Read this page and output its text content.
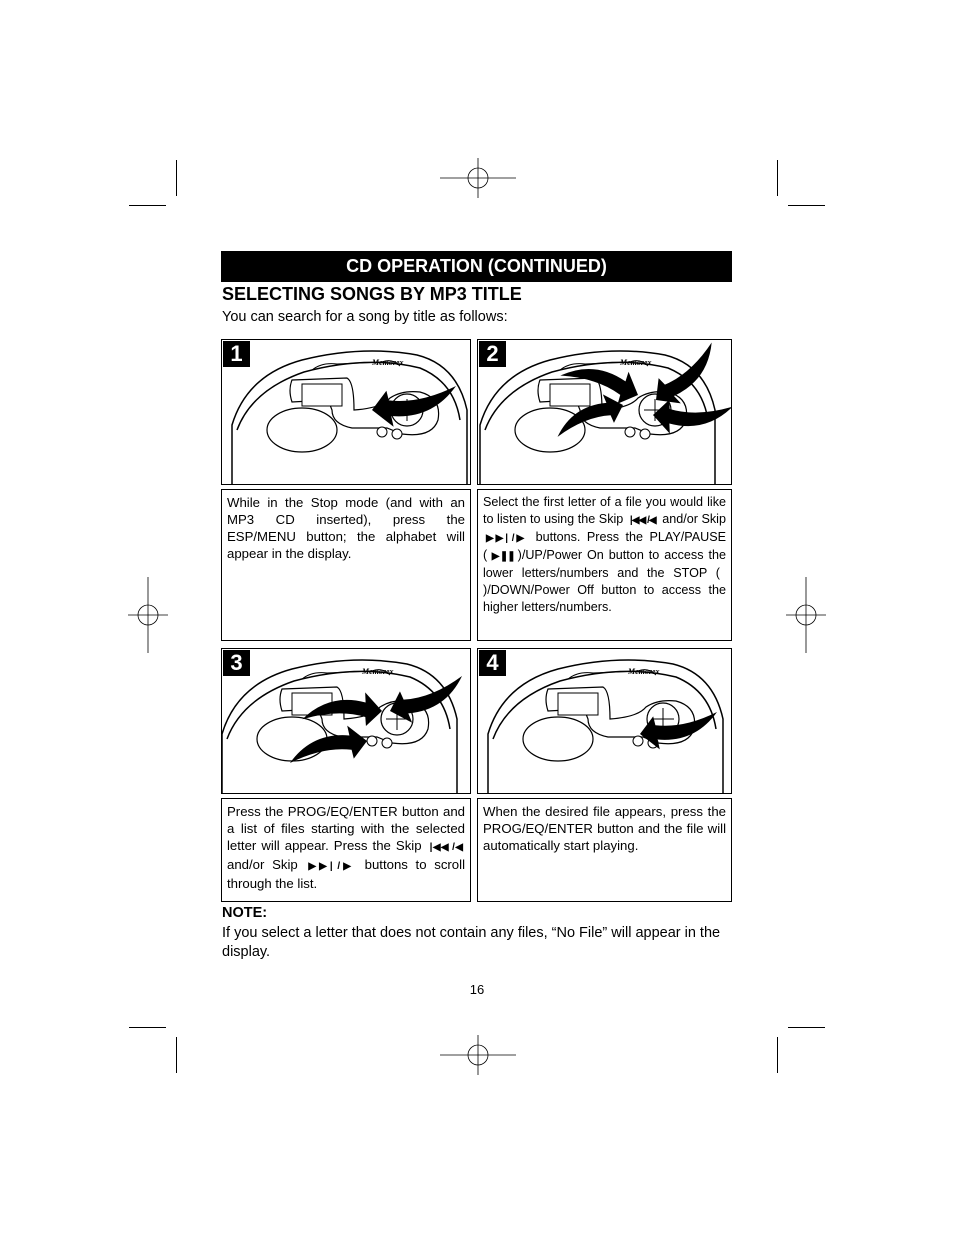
CD OPERATION (CONTINUED)
SELECTING SONGS BY MP3 TITLE
You can search for a song by title as follows:
1	2
While in the Stop mode (and with an MP3 CD inserted), press the ESP/MENU button; the alphabet will appear in the display.
Select the first letter of a file you would like to listen to using the Skip |◀◀ /◀ and/or Skip ▶▶| /▶ buttons. Press the PLAY/PAUSE ( ▶❚❚ )/UP/Power On button to access the lower letters/numbers and the STOP ()/DOWN/Power Off button to access the higher letters/numbers.
3	4
Press the PROG/EQ/ENTER button and a list of files starting with the selected letter will appear. Press the Skip |◀◀ /◀ and/or Skip ▶▶| /▶ buttons to scroll through the list.
When the desired file appears, press the PROG/EQ/ENTER button and the file will automatically start playing.
NOTE:
If you select a letter that does not contain any files, “No File” will appear in the display.
16
